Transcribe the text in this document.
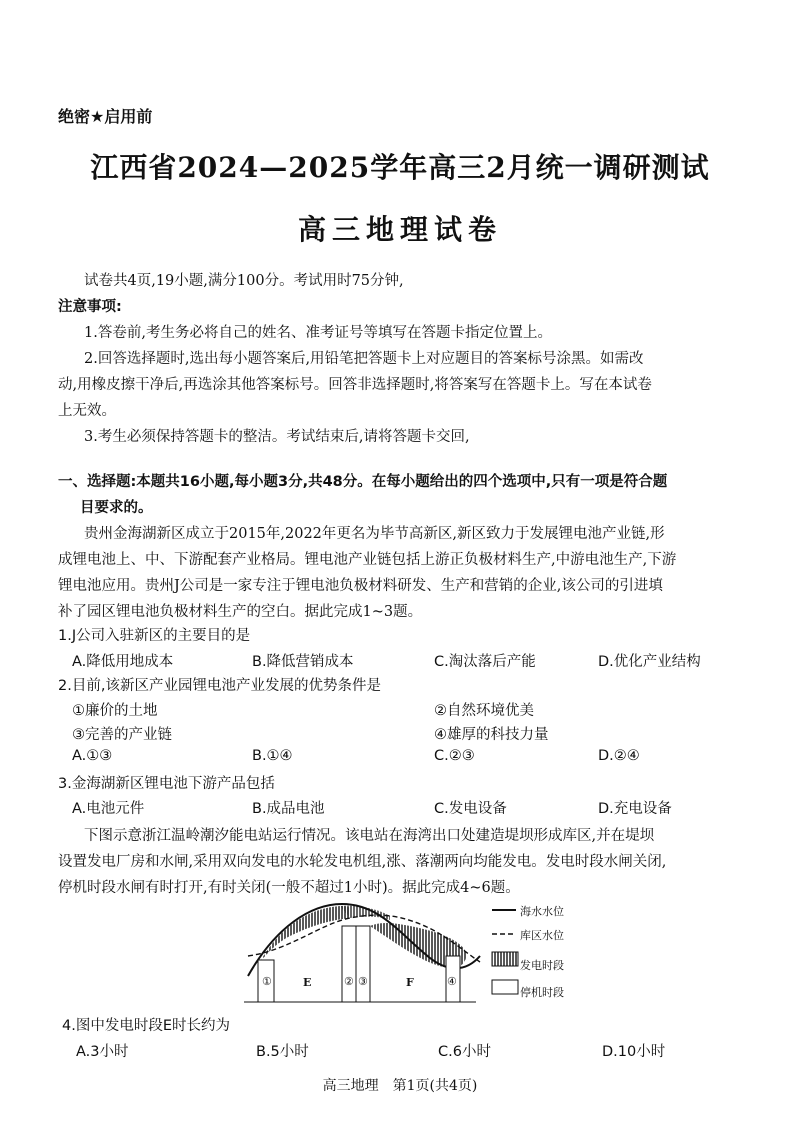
绝密★启用前
江西省2024—2025学年高三2月统一调研测试
高三地理试卷
试卷共4页,19小题,满分100分。考试用时75分钟,
注意事项:
1.答卷前,考生务必将自己的姓名、准考证号等填写在答题卡指定位置上。
2.回答选择题时,选出每小题答案后,用铅笔把答题卡上对应题目的答案标号涂黑。如需改
动,用橡皮擦干净后,再选涂其他答案标号。回答非选择题时,将答案写在答题卡上。写在本试卷
上无效。
3.考生必须保持答题卡的整洁。考试结束后,请将答题卡交回,
一、选择题:本题共16小题,每小题3分,共48分。在每小题给出的四个选项中,只有一项是符合题
目要求的。
贵州金海湖新区成立于2015年,2022年更名为毕节高新区,新区致力于发展锂电池产业链,形
成锂电池上、中、下游配套产业格局。锂电池产业链包括上游正负极材料生产,中游电池生产,下游
锂电池应用。贵州J公司是一家专注于锂电池负极材料研发、生产和营销的企业,该公司的引进填
补了园区锂电池负极材料生产的空白。据此完成1~3题。
1.J公司入驻新区的主要目的是
A.降低用地成本	B.降低营销成本	C.淘汰落后产能	D.优化产业结构
2.目前,该新区产业园锂电池产业发展的优势条件是
①廉价的土地	②自然环境优美
③完善的产业链	④雄厚的科技力量
A.①③	B.①④	C.②③	D.②④
3.金海湖新区锂电池下游产品包括
A.电池元件	B.成品电池	C.发电设备	D.充电设备
下图示意浙江温岭潮汐能电站运行情况。该电站在海湾出口处建造堤坝形成库区,并在堤坝
设置发电厂房和水闸,采用双向发电的水轮发电机组,涨、落潮两向均能发电。发电时段水闸关闭,
停机时段水闸有时打开,有时关闭(一般不超过1小时)。据此完成4~6题。
①	E	② ③	F	④
海水水位
库区水位
发电时段
停机时段
4.图中发电时段E时长约为
A.3小时	B.5小时	C.6小时	D.10小时
高三地理　第1页(共4页)
